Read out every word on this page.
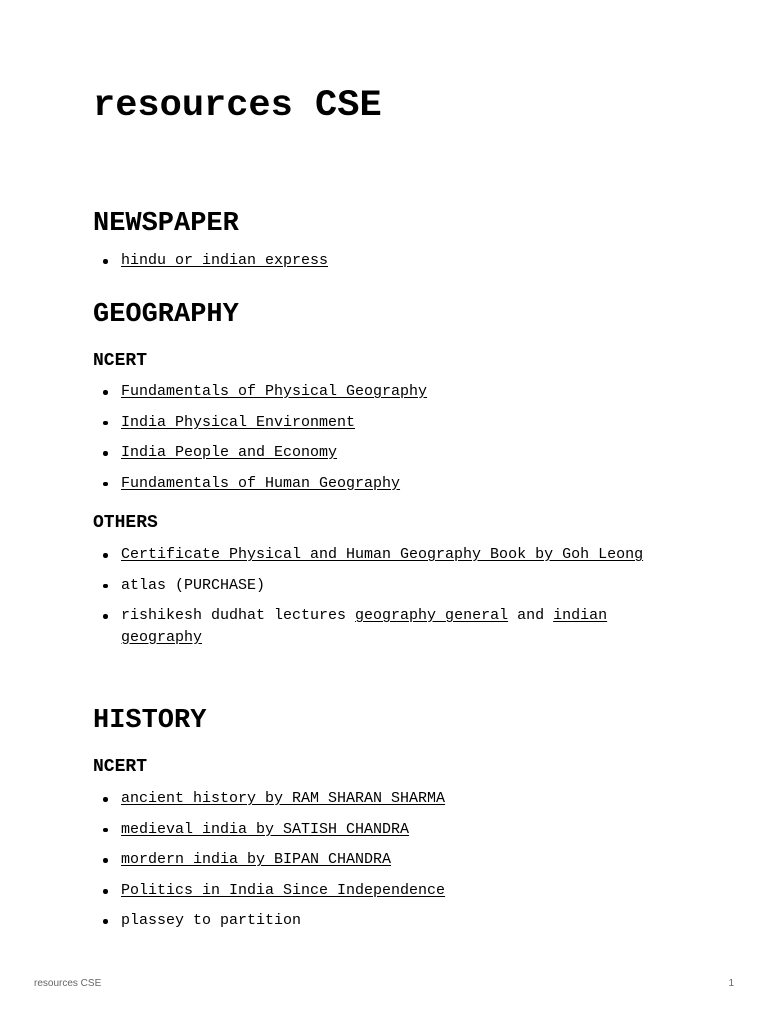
resources CSE
NEWSPAPER
hindu or indian express
GEOGRAPHY
NCERT
Fundamentals of Physical Geography
India Physical Environment
India People and Economy
Fundamentals of Human Geography
OTHERS
Certificate Physical and Human Geography Book by Goh Leong
atlas (PURCHASE)
rishikesh dudhat lectures geography general and indian geography
HISTORY
NCERT
ancient history by RAM SHARAN SHARMA
medieval india by SATISH CHANDRA
mordern india by BIPAN CHANDRA
Politics in India Since Independence
plassey to partition
resources CSE	1
